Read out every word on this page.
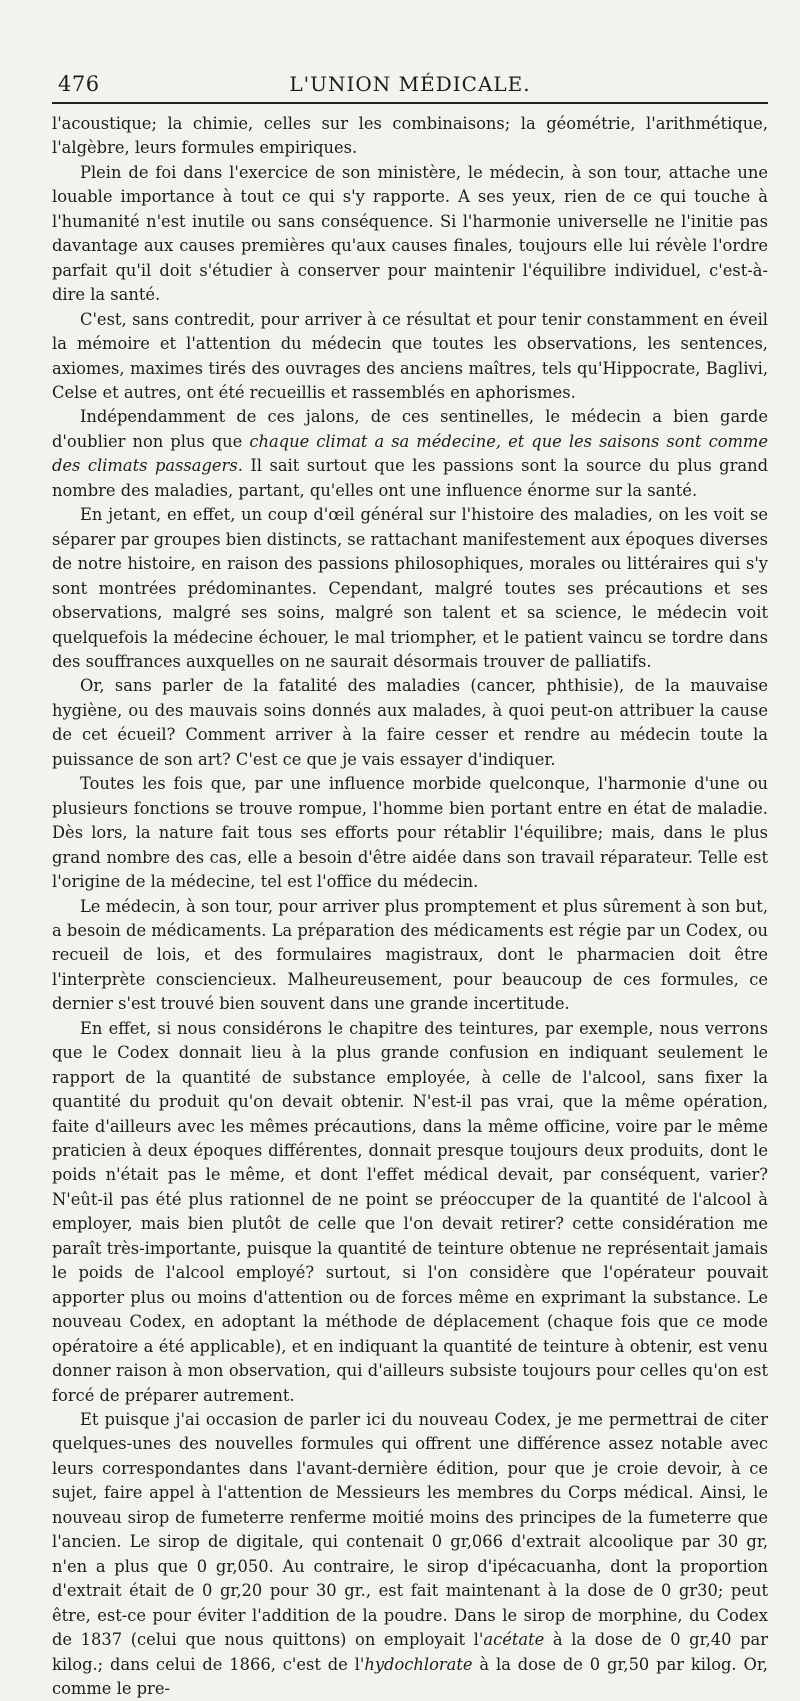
476	L'UNION MÉDICALE.

l'acoustique; la chimie, celles sur les combinaisons; la géométrie, l'arithmétique, l'algèbre, leurs formules empiriques.

Plein de foi dans l'exercice de son ministère, le médecin, à son tour, attache une louable importance à tout ce qui s'y rapporte. A ses yeux, rien de ce qui touche à l'humanité n'est inutile ou sans conséquence. Si l'harmonie universelle ne l'initie pas davantage aux causes premières qu'aux causes finales, toujours elle lui révèle l'ordre parfait qu'il doit s'étudier à conserver pour maintenir l'équilibre individuel, c'est-à-dire la santé.

C'est, sans contredit, pour arriver à ce résultat et pour tenir constamment en éveil la mémoire et l'attention du médecin que toutes les observations, les sentences, axiomes, maximes tirés des ouvrages des anciens maîtres, tels qu'Hippocrate, Baglivi, Celse et autres, ont été recueillis et rassemblés en aphorismes.

Indépendamment de ces jalons, de ces sentinelles, le médecin a bien garde d'oublier non plus que chaque climat a sa médecine, et que les saisons sont comme des climats passagers. Il sait surtout que les passions sont la source du plus grand nombre des maladies, partant, qu'elles ont une influence énorme sur la santé.

En jetant, en effet, un coup d'œil général sur l'histoire des maladies, on les voit se séparer par groupes bien distincts, se rattachant manifestement aux époques diverses de notre histoire, en raison des passions philosophiques, morales ou littéraires qui s'y sont montrées prédominantes. Cependant, malgré toutes ses précautions et ses observations, malgré ses soins, malgré son talent et sa science, le médecin voit quelquefois la médecine échouer, le mal triompher, et le patient vaincu se tordre dans des souffrances auxquelles on ne saurait désormais trouver de palliatifs.

Or, sans parler de la fatalité des maladies (cancer, phthisie), de la mauvaise hygiène, ou des mauvais soins donnés aux malades, à quoi peut-on attribuer la cause de cet écueil? Comment arriver à la faire cesser et rendre au médecin toute la puissance de son art? C'est ce que je vais essayer d'indiquer.

Toutes les fois que, par une influence morbide quelconque, l'harmonie d'une ou plusieurs fonctions se trouve rompue, l'homme bien portant entre en état de maladie. Dès lors, la nature fait tous ses efforts pour rétablir l'équilibre; mais, dans le plus grand nombre des cas, elle a besoin d'être aidée dans son travail réparateur. Telle est l'origine de la médecine, tel est l'office du médecin.

Le médecin, à son tour, pour arriver plus promptement et plus sûrement à son but, a besoin de médicaments. La préparation des médicaments est régie par un Codex, ou recueil de lois, et des formulaires magistraux, dont le pharmacien doit être l'interprète consciencieux. Malheureusement, pour beaucoup de ces formules, ce dernier s'est trouvé bien souvent dans une grande incertitude.

En effet, si nous considérons le chapitre des teintures, par exemple, nous verrons que le Codex donnait lieu à la plus grande confusion en indiquant seulement le rapport de la quantité de substance employée, à celle de l'alcool, sans fixer la quantité du produit qu'on devait obtenir. N'est-il pas vrai, que la même opération, faite d'ailleurs avec les mêmes précautions, dans la même officine, voire par le même praticien à deux époques différentes, donnait presque toujours deux produits, dont le poids n'était pas le même, et dont l'effet médical devait, par conséquent, varier? N'eût-il pas été plus rationnel de ne point se préoccuper de la quantité de l'alcool à employer, mais bien plutôt de celle que l'on devait retirer? cette considération me paraît très-importante, puisque la quantité de teinture obtenue ne représentait jamais le poids de l'alcool employé? surtout, si l'on considère que l'opérateur pouvait apporter plus ou moins d'attention ou de forces même en exprimant la substance. Le nouveau Codex, en adoptant la méthode de déplacement (chaque fois que ce mode opératoire a été applicable), et en indiquant la quantité de teinture à obtenir, est venu donner raison à mon observation, qui d'ailleurs subsiste toujours pour celles qu'on est forcé de préparer autrement.

Et puisque j'ai occasion de parler ici du nouveau Codex, je me permettrai de citer quelques-unes des nouvelles formules qui offrent une différence assez notable avec leurs correspondantes dans l'avant-dernière édition, pour que je croie devoir, à ce sujet, faire appel à l'attention de Messieurs les membres du Corps médical. Ainsi, le nouveau sirop de fumeterre renferme moitié moins des principes de la fumeterre que l'ancien. Le sirop de digitale, qui contenait 0 gr,066 d'extrait alcoolique par 30 gr, n'en a plus que 0 gr,050. Au contraire, le sirop d'ipécacuanha, dont la proportion d'extrait était de 0 gr,20 pour 30 gr., est fait maintenant à la dose de 0 gr30; peut être, est-ce pour éviter l'addition de la poudre. Dans le sirop de morphine, du Codex de 1837 (celui que nous quittons) on employait l'acétate à la dose de 0 gr,40 par kilog.; dans celui de 1866, c'est de l'hydochlorate à la dose de 0 gr,50 par kilog. Or, comme le pre-
